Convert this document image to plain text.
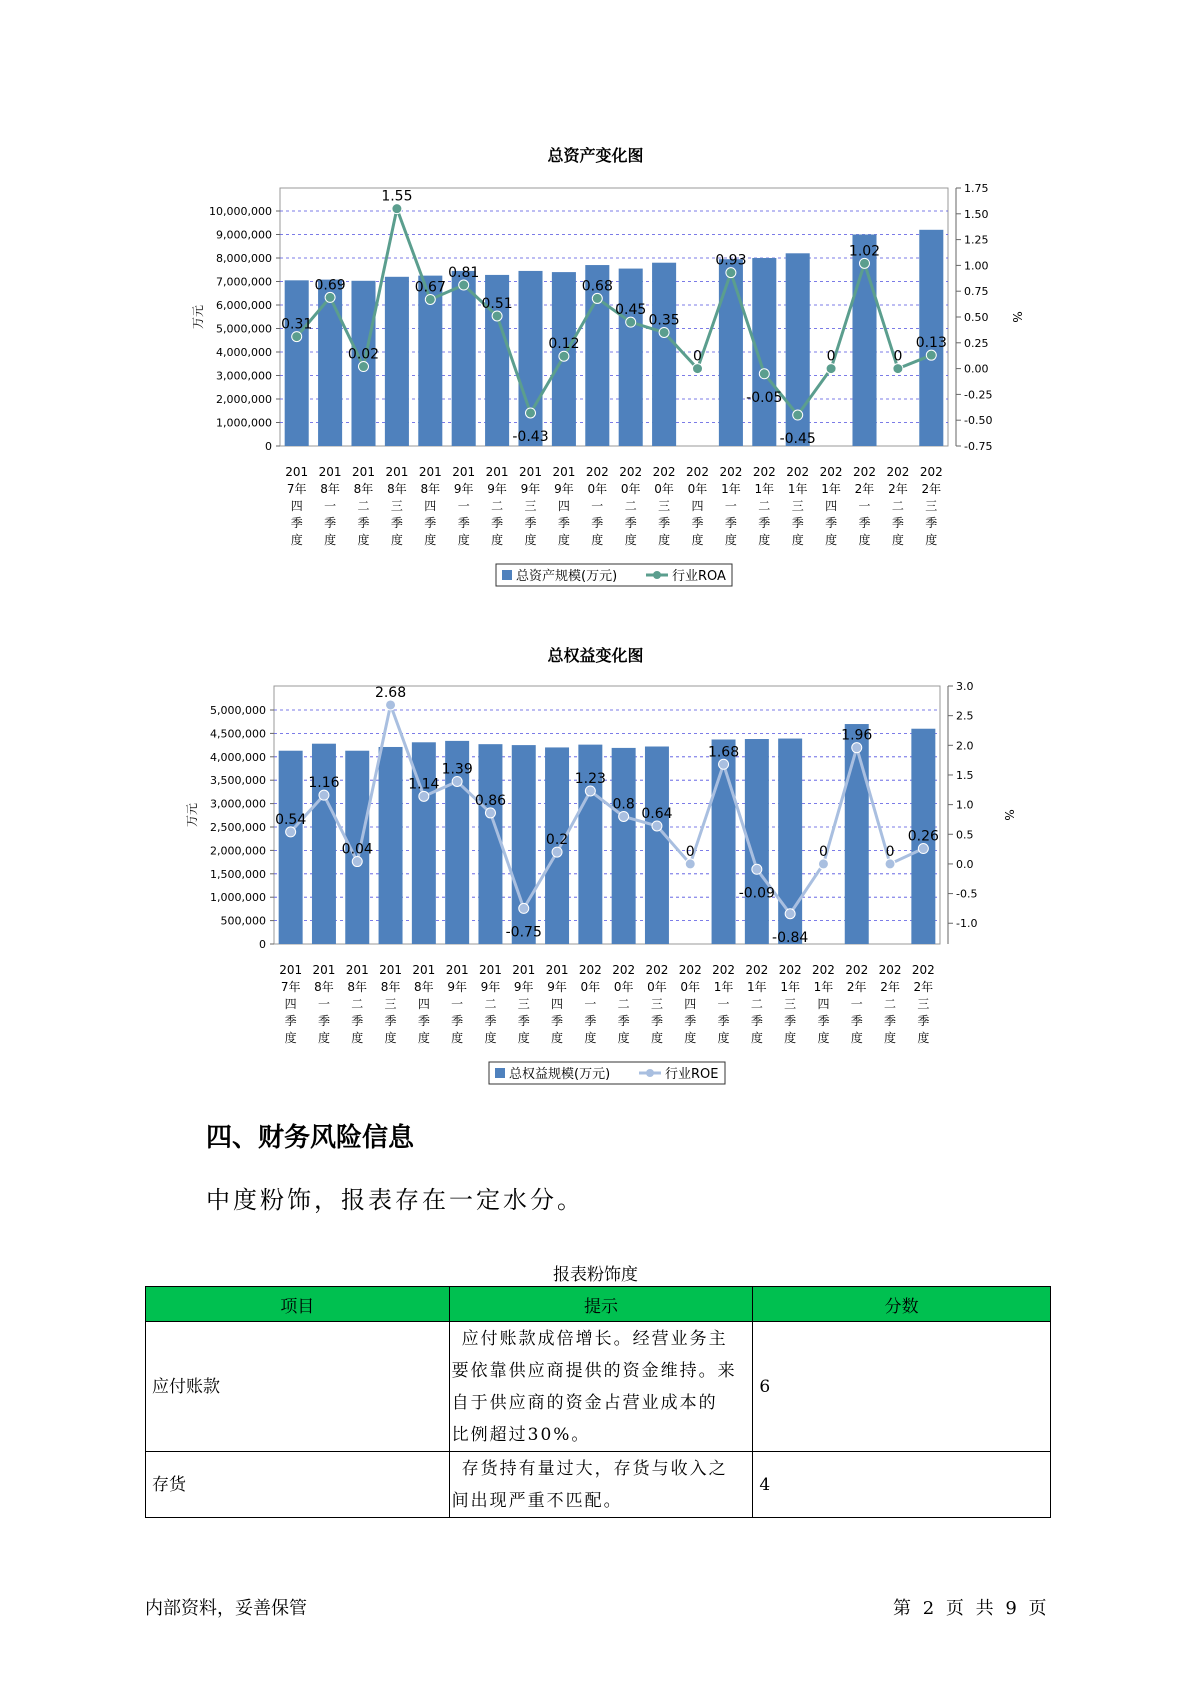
总资产变化图
10,000,000
9,000,000
8,000,000
7,000,000
6,000,000
5,000,000
4,000,000
3,000,000
2,000,000
1,000,000
0
1.75
1.50
1.25
1.00
0.75
0.50
0.25
0.00
-0.25
-0.50
-0.75
万元	%
0.31
0.69
0.02
1.55
0.67
0.81
0.51
-0.43
0.12
0.68
0.45
0.35
0
0.93
-0.05
-0.45
0
1.02
0
0.13
201
7年
四
季
度
201
8年
一
季
度
201
8年
二
季
度
201
8年
三
季
度
201
8年
四
季
度
201
9年
一
季
度
201
9年
二
季
度
201
9年
三
季
度
201
9年
四
季
度
202
0年
一
季
度
202
0年
二
季
度
202
0年
三
季
度
202
0年
四
季
度
202
1年
一
季
度
202
1年
二
季
度
202
1年
三
季
度
202
1年
四
季
度
202
2年
一
季
度
202
2年
二
季
度
202
2年
三
季
度
总资产规模(万元)	行业ROA
总权益变化图
5,000,000
4,500,000
4,000,000
3,500,000
3,000,000
2,500,000
2,000,000
1,500,000
1,000,000
500,000
0
3.0
2.5
2.0
1.5
1.0
0.5
0.0
-0.5
-1.0
万元	%
0.54
1.16
0.04
2.68
1.14
1.39
0.86
-0.75
0.2
1.23
0.8
0.64
0
1.68
-0.09
-0.84
0
1.96
0
0.26
201
7年
四
季
度
201
8年
一
季
度
201
8年
二
季
度
201
8年
三
季
度
201
8年
四
季
度
201
9年
一
季
度
201
9年
二
季
度
201
9年
三
季
度
201
9年
四
季
度
202
0年
一
季
度
202
0年
二
季
度
202
0年
三
季
度
202
0年
四
季
度
202
1年
一
季
度
202
1年
二
季
度
202
1年
三
季
度
202
1年
四
季
度
202
2年
一
季
度
202
2年
二
季
度
202
2年
三
季
度
总权益规模(万元)	行业ROE
四、财务风险信息
中度粉饰，报表存在一定水分。
报表粉饰度
项目	提示	分数
应付账款	应付账款成倍增长。经营业务主
要依靠供应商提供的资金维持。来
自于供应商的资金占营业成本的
比例超过30%。	6
存货	存货持有量过大，存货与收入之
间出现严重不匹配。	4
内部资料，妥善保管	第 2 页 共 9 页
